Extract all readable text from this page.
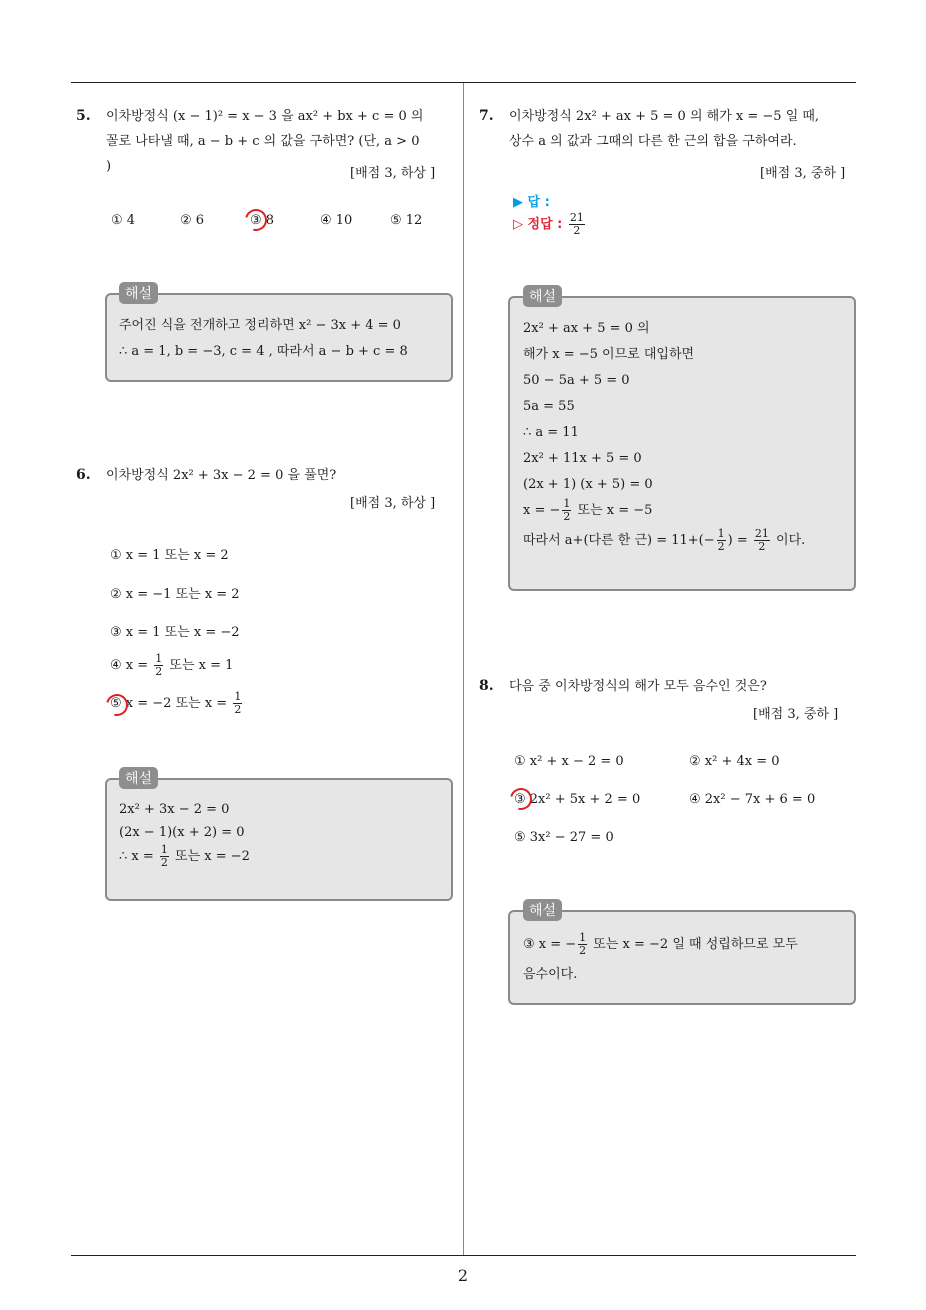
5. 이차방정식 (x − 1)² = x − 3 을 ax² + bx + c = 0 의
꼴로 나타낼 때, a − b + c 의 값을 구하면? (단, a > 0
)	[배점 3, 하상 ]
① 4	② 6	③ 8	④ 10	⑤ 12
주어진 식을 전개하고 정리하면 x² − 3x + 4 = 0
∴ a = 1, b = −3, c = 4 , 따라서 a − b + c = 8
해설
6. 이차방정식 2x² + 3x − 2 = 0 을 풀면?
[배점 3, 하상 ]
① x = 1 또는 x = 2
② x = −1 또는 x = 2
③ x = 1 또는 x = −2
④ $x = \frac{1}{2}$ 또는 x = 1
⑤ x = −2 또는 $x = \frac{1}{2}$
2x² + 3x − 2 = 0
(2x − 1)(x + 2) = 0
∴ $x = \frac{1}{2}$ 또는 x = −2
해설
7. 이차방정식 2x² + ax + 5 = 0 의 해가 x = −5 일 때,
상수 a 의 값과 그때의 다른 한 근의 합을 구하여라.
[배점 3, 중하 ]
▶ 답 :
▷ 정답 : $\frac{21}{2}$
2x² + ax + 5 = 0 의
해가 x = −5 이므로 대입하면
50 − 5a + 5 = 0
5a = 55
∴ a = 11
2x² + 11x + 5 = 0
(2x + 1) (x + 5) = 0
x = − $\frac{1}{2}$ 또는 x = −5
따라서 a+(다른 한 근) = $11+(- \frac{1}{2}$ ) = $\frac{21}{2}$ 이다.
해설
8. 다음 중 이차방정식의 해가 모두 음수인 것은?
[배점 3, 중하 ]
① x² + x − 2 = 0	② x² + 4x = 0
③ 2x² + 5x + 2 = 0	④ 2x² − 7x + 6 = 0
⑤ 3x² − 27 = 0
③ x = − $\frac{1}{2}$ 또는 x = −2 일 때 성립하므로 모두
음수이다.
해설
2
